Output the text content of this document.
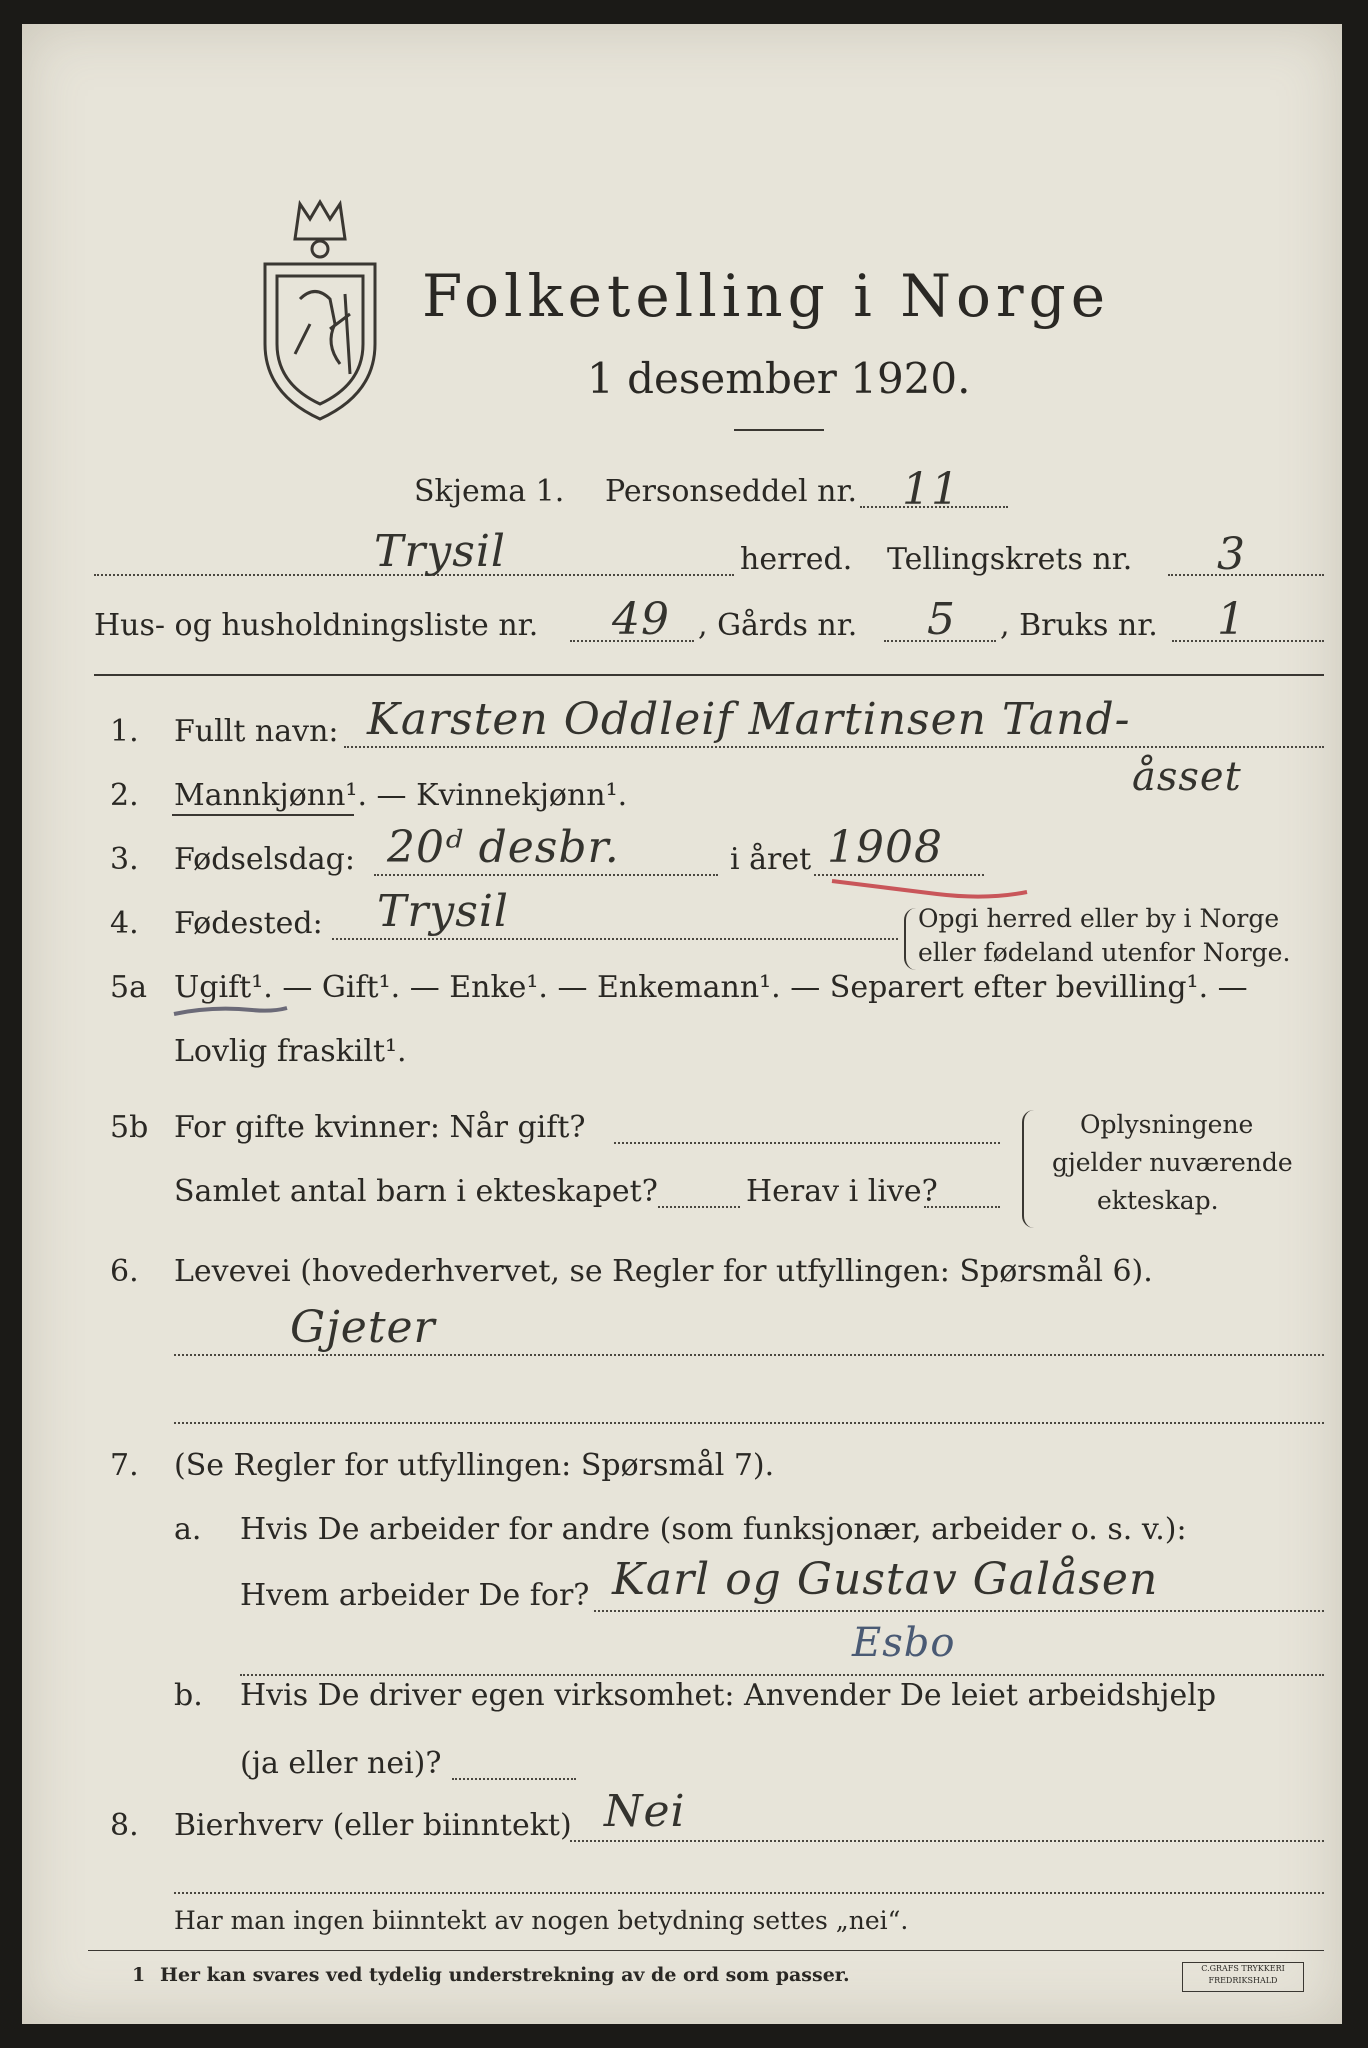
Folketelling i Norge
1 desember 1920.
Skjema 1. Personseddel nr. 11
Trysil	herred. Tellingskrets nr. 3
Hus- og husholdningsliste nr. 49 , Gårds nr. 5 , Bruks nr. 1
1. Fullt navn: Karsten Oddleif Martinsen Tand-
åsset
2. Mannkjønn¹. — Kvinnekjønn¹.
3. Fødselsdag: 20ᵈ desbr.	i året 1908
4. Fødested: Trysil	Opgi herred eller by i Norge
eller fødeland utenfor Norge.
5a Ugift¹. — Gift¹. — Enke¹. — Enkemann¹. — Separert efter bevilling¹. —
Lovlig fraskilt¹.
5b For gifte kvinner: Når gift?
Samlet antal barn i ekteskapet?	Herav i live?
Oplysningene
gjelder nuværende
ekteskap.
6. Levevei (hovederhvervet, se Regler for utfyllingen: Spørsmål 6).
Gjeter
7. (Se Regler for utfyllingen: Spørsmål 7).
a. Hvis De arbeider for andre (som funksjonær, arbeider o. s. v.):
Hvem arbeider De for? Karl og Gustav Galåsen
Esbo
b. Hvis De driver egen virksomhet: Anvender De leiet arbeidshjelp
(ja eller nei)?
8. Bierhverv (eller biinntekt) Nei
Har man ingen biinntekt av nogen betydning settes „nei“.
1 Her kan svares ved tydelig understrekning av de ord som passer.	C.GRAFS TRYKKERI
FREDRIKSHALD
